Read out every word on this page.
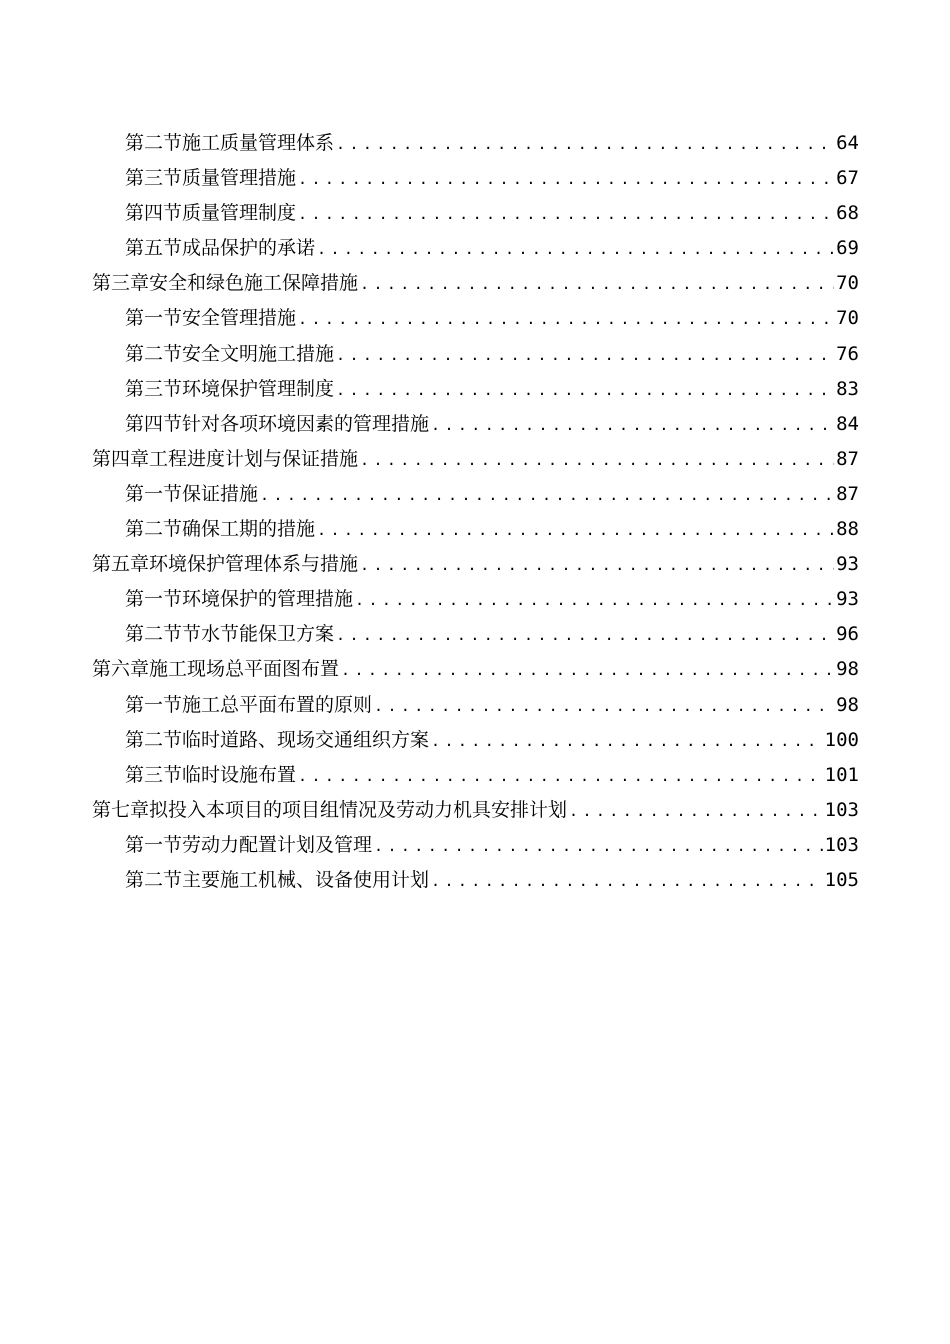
第二节施工质量管理体系 .....	64
第三节质量管理措施 .....	67
第四节质量管理制度 .....	68
第五节成品保护的承诺 .....	69
第三章安全和绿色施工保障措施 .....	70
第一节安全管理措施 .....	70
第二节安全文明施工措施 .....	76
第三节环境保护管理制度 .....	83
第四节针对各项环境因素的管理措施 .....	84
第四章工程进度计划与保证措施 .....	87
第一节保证措施 .....	87
第二节确保工期的措施 .....	88
第五章环境保护管理体系与措施 .....	93
第一节环境保护的管理措施 .....	93
第二节节水节能保卫方案 .....	96
第六章施工现场总平面图布置 .....	98
第一节施工总平面布置的原则 .....	98
第二节临时道路、现场交通组织方案 .....	100
第三节临时设施布置 .....	101
第七章拟投入本项目的项目组情况及劳动力机具安排计划 .....	103
第一节劳动力配置计划及管理 .....	103
第二节主要施工机械、设备使用计划 .....	105
